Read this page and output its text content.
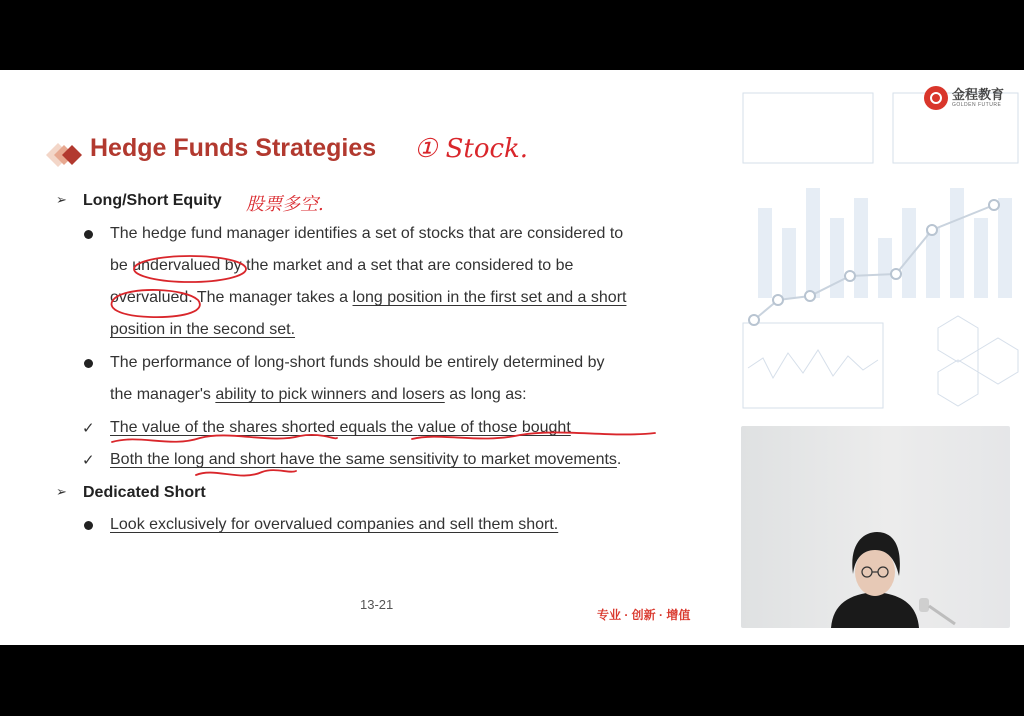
金程教育
GOLDEN FUTURE
Hedge Funds Strategies ① Stock.
股票多空.
➢ Long/Short Equity
The hedge fund manager identifies a set of stocks that are considered to
be undervalued by the market and a set that are considered to be
overvalued. The manager takes a long position in the first set and a short
position in the second set.
The performance of long-short funds should be entirely determined by
the manager's ability to pick winners and losers as long as:
✓ The value of the shares shorted equals the value of those bought
✓ Both the long and short have the same sensitivity to market movements.
➢ Dedicated Short
Look exclusively for overvalued companies and sell them short.
13-21
专业 · 创新 · 增值
